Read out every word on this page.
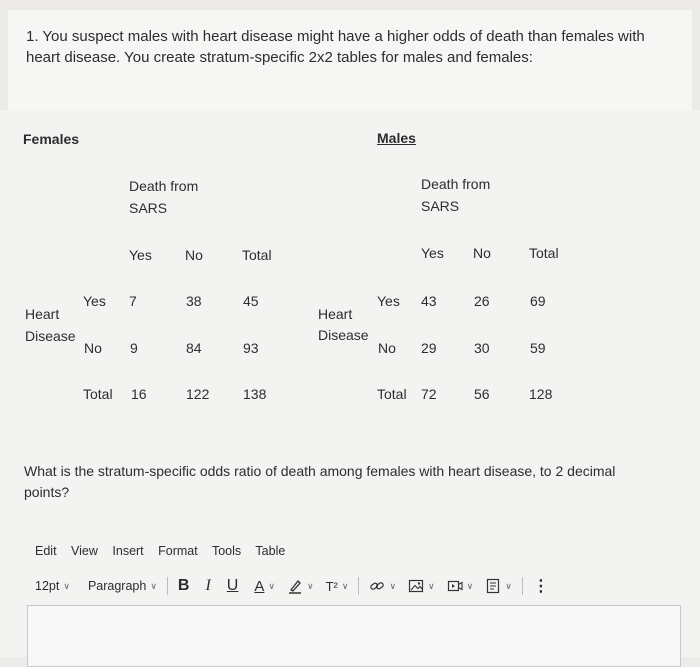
1. You suspect males with heart disease might have a higher odds of death than females with heart disease. You create stratum-specific 2x2 tables for males and females:
Females
Death from
SARS
Yes No	Total
Heart
Disease
Yes 7	38	45
No 9	84	93
Total 16	122 138
Males
Death from
SARS
Yes No	Total
Heart
Disease
Yes 43	26	69
No 29	30	59
Total 72	56	128
What is the stratum-specific odds ratio of death among females with heart disease, to 2 decimal points?
Edit View Insert Format Tools Table
12pt ∨ Paragraph ∨ B I U A ∨	∨ T² ∨	∨	∨	∨	∨ ⋮
